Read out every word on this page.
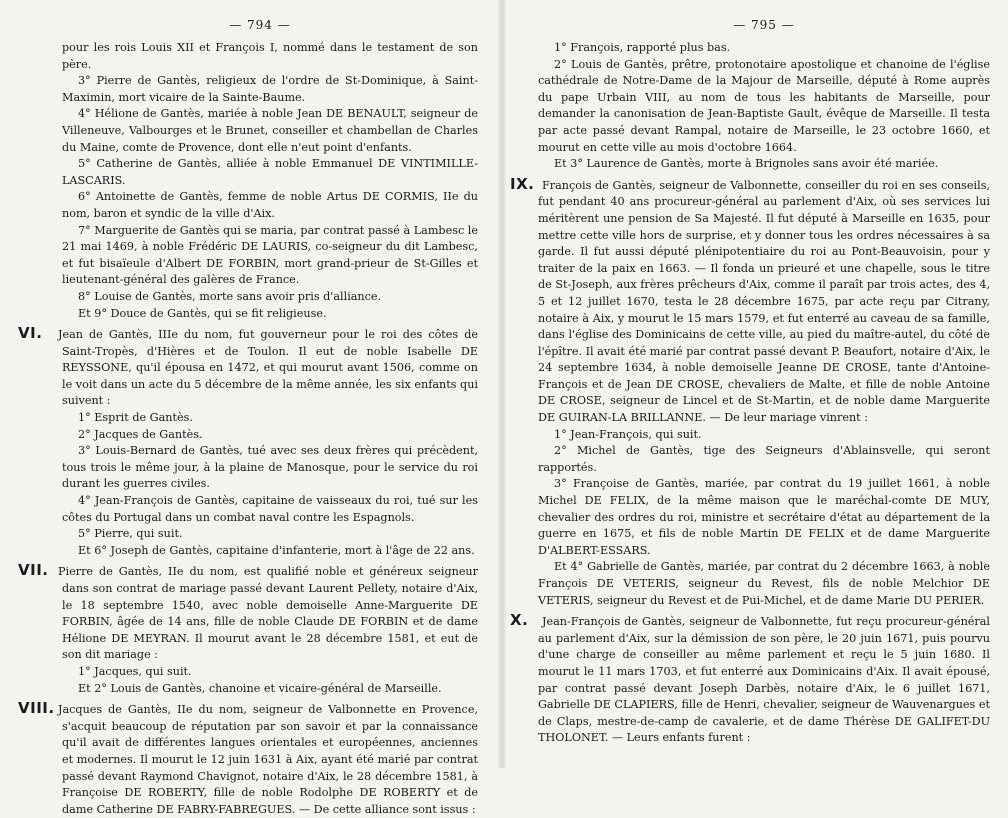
— 794 —

pour les rois Louis XII et François I, nommé dans le testament de son père.

3° Pierre de Gantès, religieux de l'ordre de St-Dominique, à Saint-Maximin, mort vicaire de la Sainte-Baume.

4° Hélione de Gantès, mariée à noble Jean DE BENAULT, seigneur de Villeneuve, Valbourges et le Brunet, conseiller et chambellan de Charles du Maine, comte de Provence, dont elle n'eut point d'enfants.

5° Catherine de Gantès, alliée à noble Emmanuel DE VINTIMILLE-LASCARIS.

6° Antoinette de Gantès, femme de noble Artus DE CORMIS, IIe du nom, baron et syndic de la ville d'Aix.

7° Marguerite de Gantès qui se maria, par contrat passé à Lambesc le 21 mai 1469, à noble Frédéric DE LAURIS, co-seigneur du dit Lambesc, et fut bisaïeule d'Albert DE FORBIN, mort grand-prieur de St-Gilles et lieutenant-général des galères de France.

8° Louise de Gantès, morte sans avoir pris d'alliance.

Et 9° Douce de Gantès, qui se fit religieuse.

VI. Jean de Gantès, IIIe du nom, fut gouverneur pour le roi des côtes de Saint-Tropès, d'Hières et de Toulon. Il eut de noble Isabelle DE REYSSONE, qu'il épousa en 1472, et qui mourut avant 1506, comme on le voit dans un acte du 5 décembre de la même année, les six enfants qui suivent :

1° Esprit de Gantès.

2° Jacques de Gantès.

3° Louis-Bernard de Gantès, tué avec ses deux frères qui précèdent, tous trois le même jour, à la plaine de Manosque, pour le service du roi durant les guerres civiles.

4° Jean-François de Gantès, capitaine de vaisseaux du roi, tué sur les côtes du Portugal dans un combat naval contre les Espagnols.

5° Pierre, qui suit.

Et 6° Joseph de Gantès, capitaine d'infanterie, mort à l'âge de 22 ans.

VII. Pierre de Gantès, IIe du nom, est qualifié noble et généreux seigneur dans son contrat de mariage passé devant Laurent Pellety, notaire d'Aix, le 18 septembre 1540, avec noble demoiselle Anne-Marguerite DE FORBIN, âgée de 14 ans, fille de noble Claude DE FORBIN et de dame Hélione DE MEYRAN. Il mourut avant le 28 décembre 1581, et eut de son dit mariage :

1° Jacques, qui suit.

Et 2° Louis de Gantès, chanoine et vicaire-général de Marseille.

VIII. Jacques de Gantès, IIe du nom, seigneur de Valbonnette en Provence, s'acquit beaucoup de réputation par son savoir et par la connaissance qu'il avait de différentes langues orientales et européennes, anciennes et modernes. Il mourut le 12 juin 1631 à Aix, ayant été marié par contrat passé devant Raymond Chavignot, notaire d'Aix, le 28 décembre 1581, à Françoise DE ROBERTY, fille de noble Rodolphe DE ROBERTY et de dame Catherine DE FABRY-FABREGUES. — De cette alliance sont issus :

— 795 —

1° François, rapporté plus bas.

2° Louis de Gantès, prêtre, protonotaire apostolique et chanoine de l'église cathédrale de Notre-Dame de la Majour de Marseille, député à Rome auprès du pape Urbain VIII, au nom de tous les habitants de Marseille, pour demander la canonisation de Jean-Baptiste Gault, évêque de Marseille. Il testa par acte passé devant Rampal, notaire de Marseille, le 23 octobre 1660, et mourut en cette ville au mois d'octobre 1664.

Et 3° Laurence de Gantès, morte à Brignoles sans avoir été mariée.

IX. François de Gantès, seigneur de Valbonnette, conseiller du roi en ses conseils, fut pendant 40 ans procureur-général au parlement d'Aix, où ses services lui méritèrent une pension de Sa Majesté. Il fut député à Marseille en 1635, pour mettre cette ville hors de surprise, et y donner tous les ordres nécessaires à sa garde. Il fut aussi député plénipotentiaire du roi au Pont-Beauvoisin, pour y traiter de la paix en 1663. — Il fonda un prieuré et une chapelle, sous le titre de St-Joseph, aux frères prêcheurs d'Aix, comme il paraît par trois actes, des 4, 5 et 12 juillet 1670, testa le 28 décembre 1675, par acte reçu par Citrany, notaire à Aix, y mourut le 15 mars 1579, et fut enterré au caveau de sa famille, dans l'église des Dominicains de cette ville, au pied du maître-autel, du côté de l'épître. Il avait été marié par contrat passé devant P. Beaufort, notaire d'Aix, le 24 septembre 1634, à noble demoiselle Jeanne DE CROSE, tante d'Antoine-François et de Jean DE CROSE, chevaliers de Malte, et fille de noble Antoine DE CROSE, seigneur de Lincel et de St-Martin, et de noble dame Marguerite DE GUIRAN-LA BRILLANNE. — De leur mariage vinrent :

1° Jean-François, qui suit.

2° Michel de Gantès, tige des Seigneurs d'Ablainsvelle, qui seront rapportés.

3° Françoise de Gantès, mariée, par contrat du 19 juillet 1661, à noble Michel DE FELIX, de la même maison que le maréchal-comte DE MUY, chevalier des ordres du roi, ministre et secrétaire d'état au département de la guerre en 1675, et fils de noble Martin DE FELIX et de dame Marguerite D'ALBERT-ESSARS.

Et 4° Gabrielle de Gantès, mariée, par contrat du 2 décembre 1663, à noble François DE VETERIS, seigneur du Revest, fils de noble Melchior DE VETERIS, seigneur du Revest et de Pui-Michel, et de dame Marie DU PERIER.

X. Jean-François de Gantès, seigneur de Valbonnette, fut reçu procureur-général au parlement d'Aix, sur la démission de son père, le 20 juin 1671, puis pourvu d'une charge de conseiller au même parlement et reçu le 5 juin 1680. Il mourut le 11 mars 1703, et fut enterré aux Dominicains d'Aix. Il avait épousé, par contrat passé devant Joseph Darbès, notaire d'Aix, le 6 juillet 1671, Gabrielle DE CLAPIERS, fille de Henri, chevalier, seigneur de Wauvenargues et de Claps, mestre-de-camp de cavalerie, et de dame Thérèse DE GALIFET-DU THOLONET. — Leurs enfants furent :
